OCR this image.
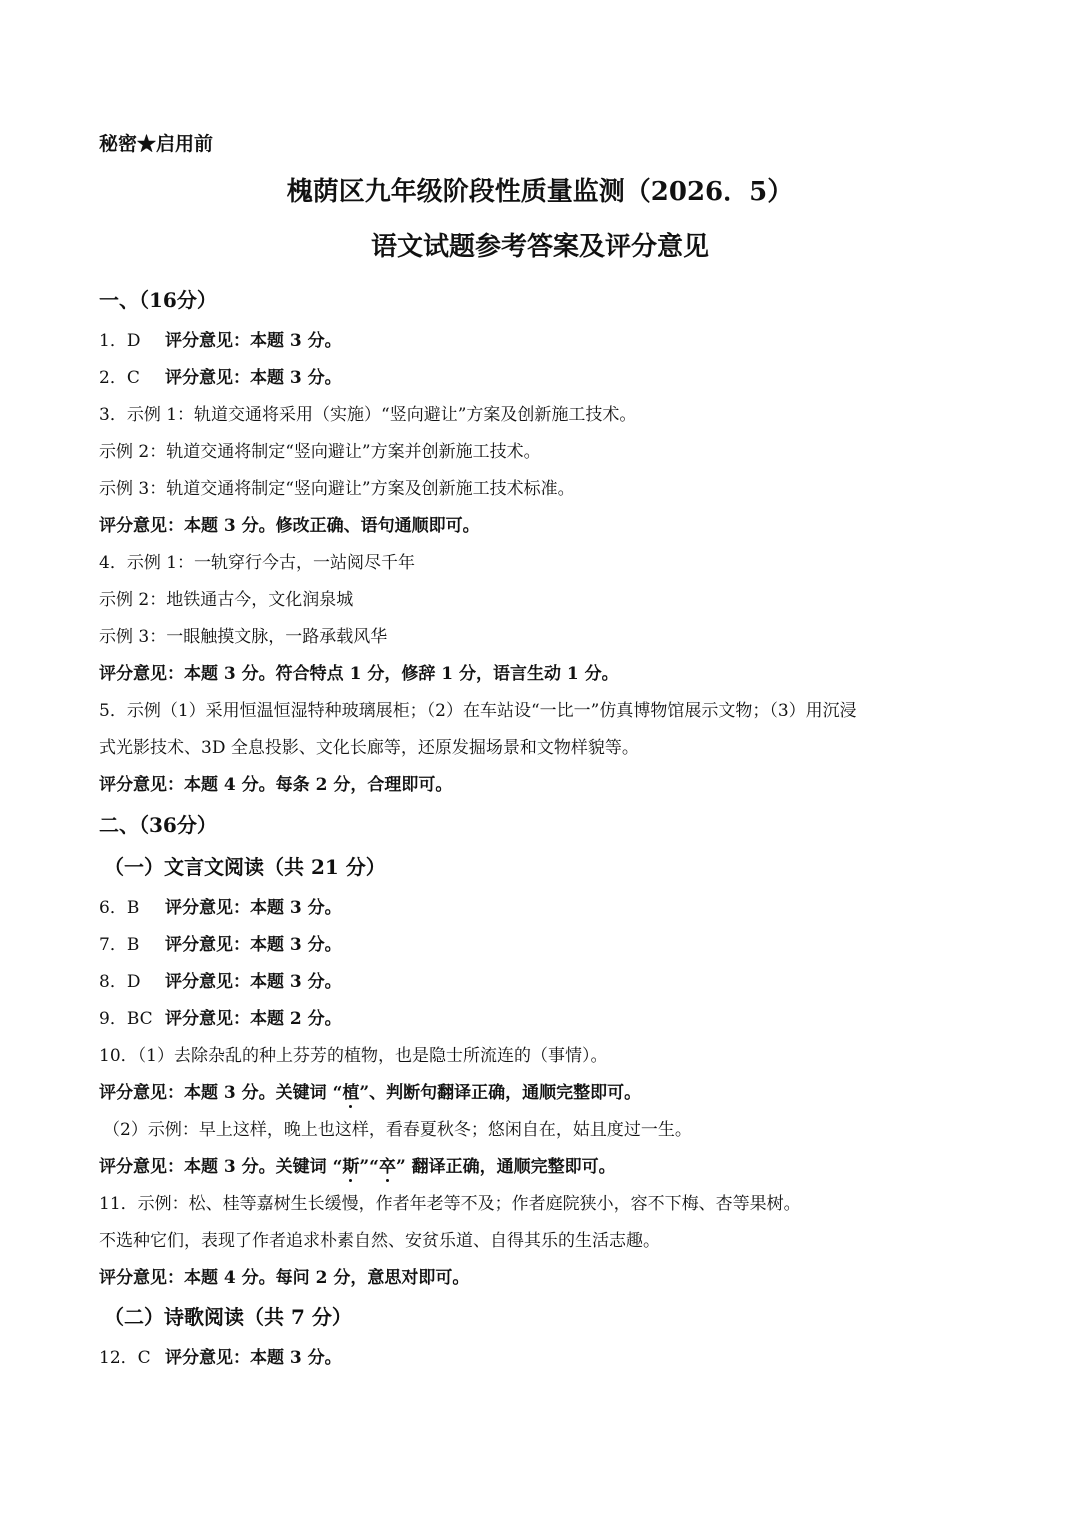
秘密★启用前
槐荫区九年级阶段性质量监测（2026．5）
语文试题参考答案及评分意见
一、（16分）
1．D 评分意见：本题 3 分。
2．C 评分意见：本题 3 分。
3．示例 1：轨道交通将采用（实施）“竖向避让”方案及创新施工技术。
示例 2：轨道交通将制定“竖向避让”方案并创新施工技术。
示例 3：轨道交通将制定“竖向避让”方案及创新施工技术标准。
评分意见：本题 3 分。修改正确、语句通顺即可。
4．示例 1：一轨穿行今古，一站阅尽千年
示例 2：地铁通古今，文化润泉城
示例 3：一眼触摸文脉，一路承载风华
评分意见：本题 3 分。符合特点 1 分，修辞 1 分，语言生动 1 分。
5．示例（1）采用恒温恒湿特种玻璃展柜；（2）在车站设“一比一”仿真博物馆展示文物；（3）用沉浸
式光影技术、3D 全息投影、文化长廊等，还原发掘场景和文物样貌等。
评分意见：本题 4 分。每条 2 分，合理即可。
二、（36分）
（一）文言文阅读（共 21 分）
6．B 评分意见：本题 3 分。
7．B 评分意见：本题 3 分。
8．D 评分意见：本题 3 分。
9．BC 评分意见：本题 2 分。
10．（1）去除杂乱的种上芬芳的植物，也是隐士所流连的（事情）。
评分意见：本题 3 分。关键词 “植”、判断句翻译正确，通顺完整即可。
（2）示例：早上这样，晚上也这样，看春夏秋冬；悠闲自在，姑且度过一生。
评分意见：本题 3 分。关键词 “斯”“卒” 翻译正确，通顺完整即可。
11．示例：松、桂等嘉树生长缓慢，作者年老等不及；作者庭院狭小，容不下梅、杏等果树。
不选种它们，表现了作者追求朴素自然、安贫乐道、自得其乐的生活志趣。
评分意见：本题 4 分。每问 2 分，意思对即可。
（二）诗歌阅读（共 7 分）
12．C 评分意见：本题 3 分。
